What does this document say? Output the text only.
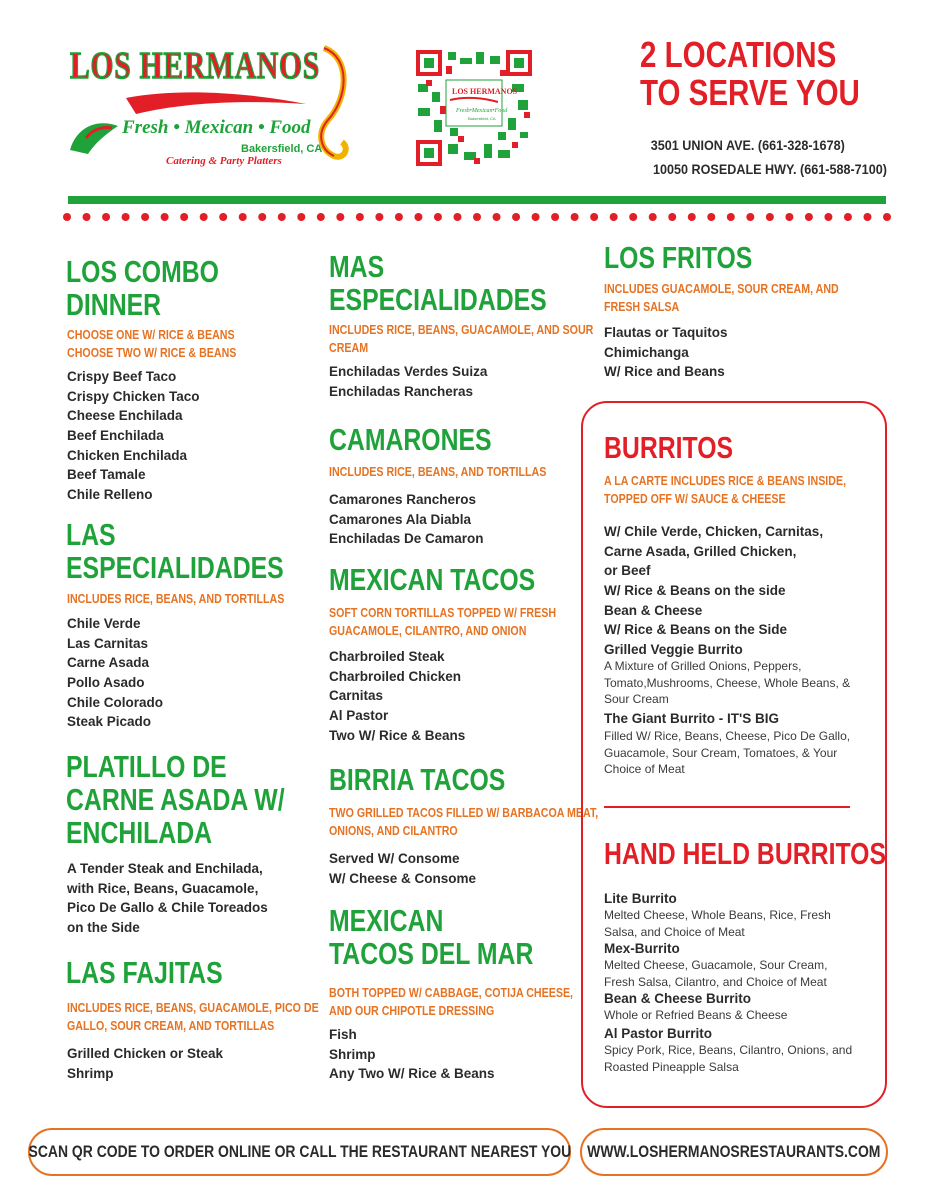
LOS HERMANOS
Fresh • Mexican • Food
Bakersfield, CA
Catering & Party Platters
LOS HERMANOS
Fresh•Mexican•Food
Bakersfield, CA
2 LOCATIONS
TO SERVE YOU
3501 UNION AVE. (661-328-1678)
10050 ROSEDALE HWY. (661-588-7100)
LOS COMBO
DINNER
CHOOSE ONE W/ RICE & BEANS
CHOOSE TWO W/ RICE & BEANS
Crispy Beef Taco
Crispy Chicken Taco
Cheese Enchilada
Beef Enchilada
Chicken Enchilada
Beef Tamale
Chile Relleno
LAS
ESPECIALIDADES
INCLUDES RICE, BEANS, AND TORTILLAS
Chile Verde
Las Carnitas
Carne Asada
Pollo Asado
Chile Colorado
Steak Picado
PLATILLO DE
CARNE ASADA W/
ENCHILADA
A Tender Steak and Enchilada,
with Rice, Beans, Guacamole,
Pico De Gallo & Chile Toreados
on the Side
LAS FAJITAS
INCLUDES RICE, BEANS, GUACAMOLE, PICO DE
GALLO, SOUR CREAM, AND TORTILLAS
Grilled Chicken or Steak
Shrimp
MAS
ESPECIALIDADES
INCLUDES RICE, BEANS, GUACAMOLE, AND SOUR
CREAM
Enchiladas Verdes Suiza
Enchiladas Rancheras
CAMARONES
INCLUDES RICE, BEANS, AND TORTILLAS
Camarones Rancheros
Camarones Ala Diabla
Enchiladas De Camaron
MEXICAN TACOS
SOFT CORN TORTILLAS TOPPED W/ FRESH
GUACAMOLE, CILANTRO, AND ONION
Charbroiled Steak
Charbroiled Chicken
Carnitas
Al Pastor
Two W/ Rice & Beans
BIRRIA TACOS
TWO GRILLED TACOS FILLED W/ BARBACOA MEAT,
ONIONS, AND CILANTRO
Served W/ Consome
W/ Cheese & Consome
MEXICAN
TACOS DEL MAR
BOTH TOPPED W/ CABBAGE, COTIJA CHEESE,
AND OUR CHIPOTLE DRESSING
Fish
Shrimp
Any Two W/ Rice & Beans
LOS FRITOS
INCLUDES GUACAMOLE, SOUR CREAM, AND
FRESH SALSA
Flautas or Taquitos
Chimichanga
W/ Rice and Beans
BURRITOS
A LA CARTE INCLUDES RICE & BEANS INSIDE,
TOPPED OFF W/ SAUCE & CHEESE
W/ Chile Verde, Chicken, Carnitas,
Carne Asada, Grilled Chicken,
or Beef
W/ Rice & Beans on the side
Bean & Cheese
W/ Rice & Beans on the Side
Grilled Veggie Burrito
A Mixture of Grilled Onions, Peppers,
Tomato,Mushrooms, Cheese, Whole Beans, &
Sour Cream
The Giant Burrito - IT'S BIG
Filled W/ Rice, Beans, Cheese, Pico De Gallo,
Guacamole, Sour Cream, Tomatoes, & Your
Choice of Meat
HAND HELD BURRITOS
Lite Burrito
Melted Cheese, Whole Beans, Rice, Fresh
Salsa, and Choice of Meat
Mex-Burrito
Melted Cheese, Guacamole, Sour Cream,
Fresh Salsa, Cilantro, and Choice of Meat
Bean & Cheese Burrito
Whole or Refried Beans & Cheese
Al Pastor Burrito
Spicy Pork, Rice, Beans, Cilantro, Onions, and
Roasted Pineapple Salsa
SCAN QR CODE TO ORDER ONLINE OR CALL THE RESTAURANT NEAREST YOU WWW.LOSHERMANOSRESTAURANTS.COM
